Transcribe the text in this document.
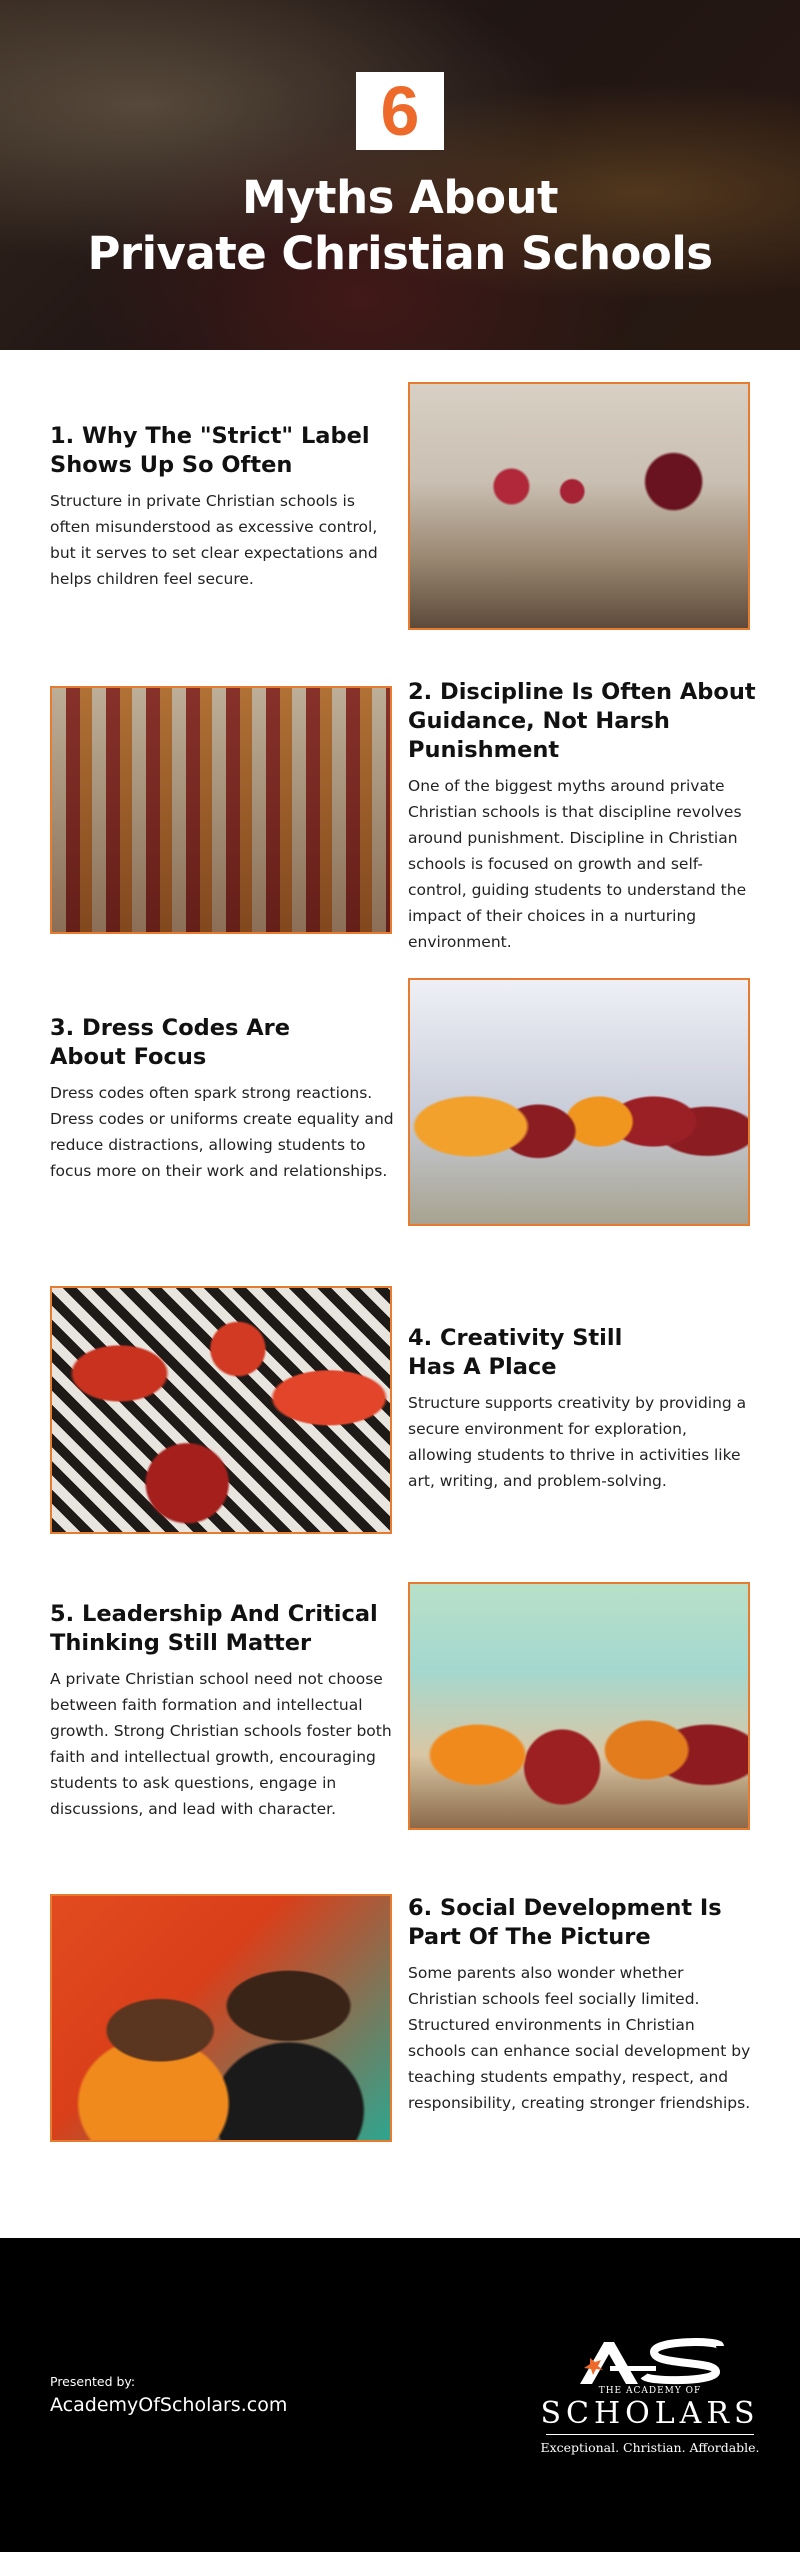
6
Myths About
Private Christian Schools
1. Why The "Strict" Label
Shows Up So Often

Structure in private Christian schools is often misunderstood as excessive control, but it serves to set clear expectations and helps children feel secure.

2. Discipline Is Often About
Guidance, Not Harsh
Punishment

One of the biggest myths around private Christian schools is that discipline revolves around punishment. Discipline in Christian schools is focused on growth and self-control, guiding students to understand the impact of their choices in a nurturing environment.

3. Dress Codes Are
About Focus

Dress codes often spark strong reactions. Dress codes or uniforms create equality and reduce distractions, allowing students to focus more on their work and relationships.

4. Creativity Still
Has A Place

Structure supports creativity by providing a secure environment for exploration, allowing students to thrive in activities like art, writing, and problem-solving.

5. Leadership And Critical
Thinking Still Matter

A private Christian school need not choose between faith formation and intellectual growth. Strong Christian schools foster both faith and intellectual growth, encouraging students to ask questions, engage in discussions, and lead with character.

6. Social Development Is
Part Of The Picture

Some parents also wonder whether Christian schools feel socially limited. Structured environments in Christian schools can enhance social development by teaching students empathy, respect, and responsibility, creating stronger friendships.

Presented by:
AcademyOfScholars.com
THE ACADEMY OF
SCHOLARS
Exceptional. Christian. Affordable.
